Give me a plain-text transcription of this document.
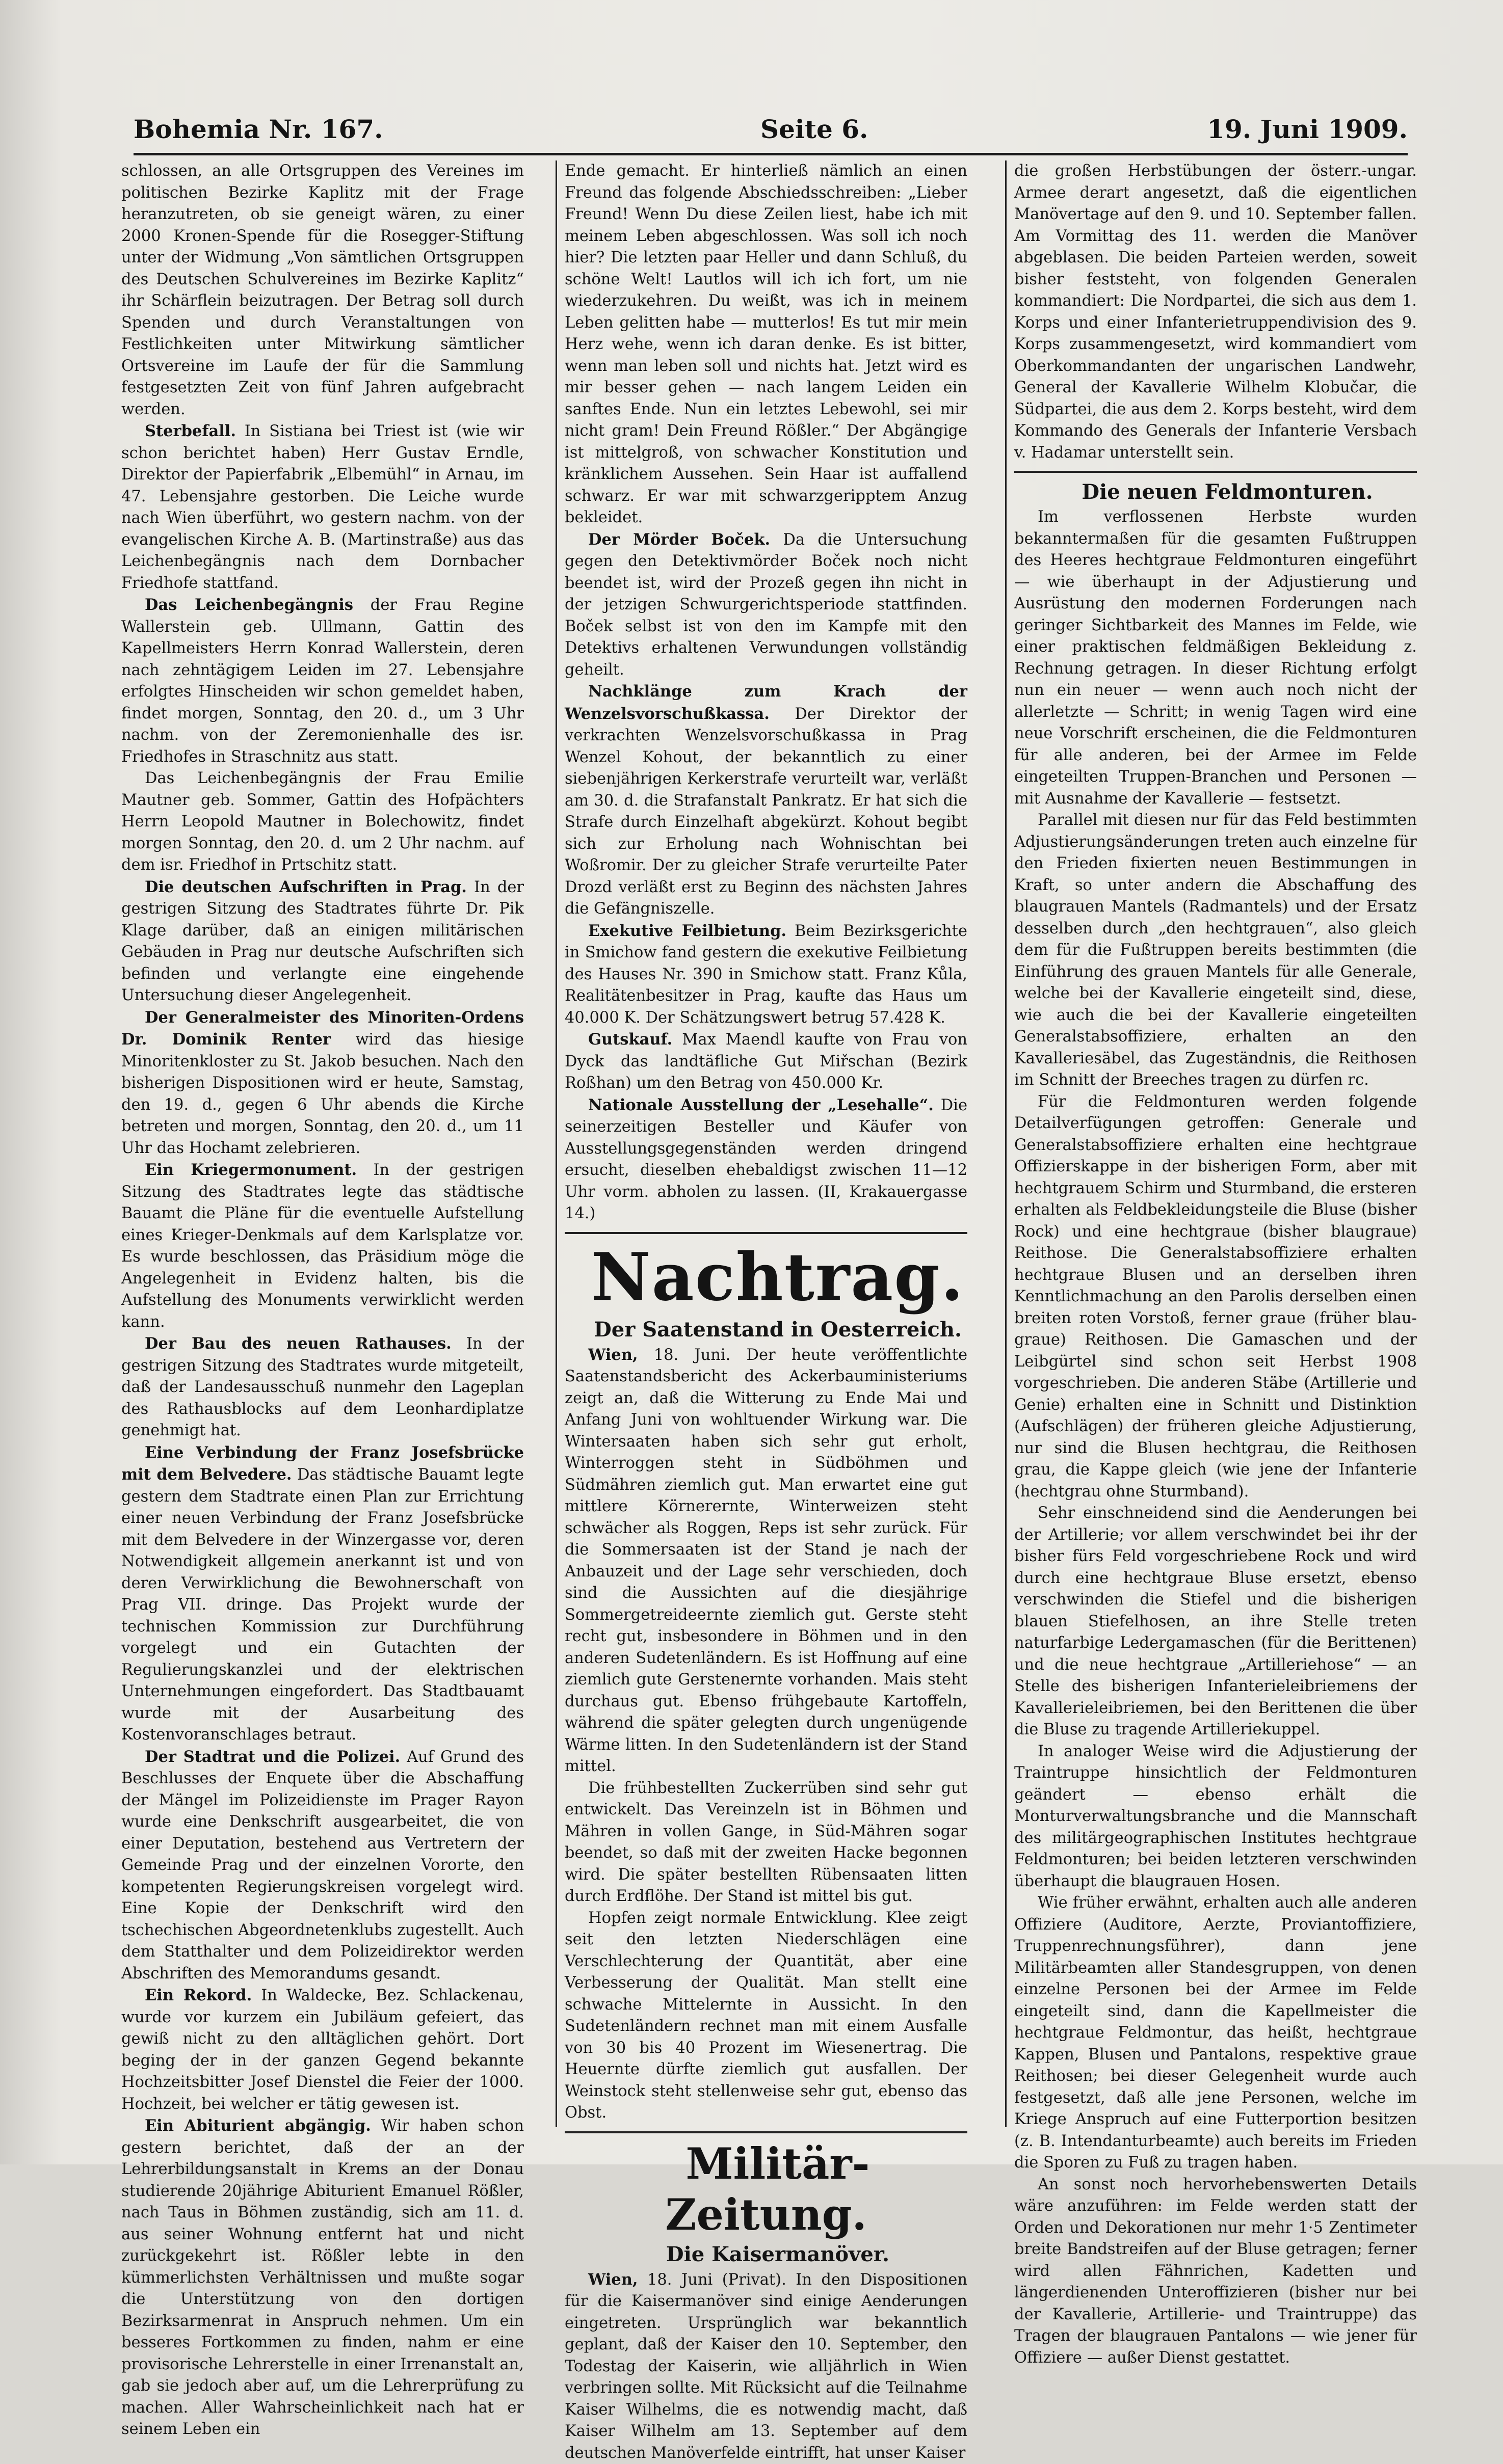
Bohemia Nr. 167.	Seite 6.	19. Juni 1909.

schlossen, an alle Ortsgruppen des Vereines im politischen Bezirke Kaplitz mit der Frage heranzutreten, ob sie geneigt wären, zu einer 2000 Kronen-Spende für die Rosegger-Stiftung unter der Widmung „Von sämtlichen Ortsgruppen des Deutschen Schulvereines im Bezirke Kaplitz“ ihr Schärflein beizutragen. Der Betrag soll durch Spenden und durch Veranstaltungen von Festlichkeiten unter Mitwirkung sämtlicher Ortsvereine im Laufe der für die Sammlung festgesetzten Zeit von fünf Jahren aufgebracht werden.

Sterbefall. In Sistiana bei Triest ist (wie wir schon berichtet haben) Herr Gustav Erndle, Direktor der Papierfabrik „Elbemühl“ in Arnau, im 47. Lebensjahre gestorben. Die Leiche wurde nach Wien überführt, wo gestern nachm. von der evangelischen Kirche A. B. (Martinstraße) aus das Leichenbegängnis nach dem Dornbacher Friedhofe stattfand.

Das Leichenbegängnis der Frau Regine Wallerstein geb. Ullmann, Gattin des Kapellmeisters Herrn Konrad Wallerstein, deren nach zehntägigem Leiden im 27. Lebensjahre erfolgtes Hinscheiden wir schon gemeldet haben, findet morgen, Sonntag, den 20. d., um 3 Uhr nachm. von der Zeremonienhalle des isr. Friedhofes in Straschnitz aus statt.

Das Leichenbegängnis der Frau Emilie Mautner geb. Sommer, Gattin des Hofpächters Herrn Leopold Mautner in Bolechowitz, findet morgen Sonntag, den 20. d. um 2 Uhr nachm. auf dem isr. Friedhof in Prtschitz statt.

Die deutschen Aufschriften in Prag. In der gestrigen Sitzung des Stadtrates führte Dr. Pik Klage darüber, daß an einigen militärischen Gebäuden in Prag nur deutsche Aufschriften sich befinden und verlangte eine eingehende Untersuchung dieser Angelegenheit.

Der Generalmeister des Minoriten-Ordens Dr. Dominik Renter wird das hiesige Minoritenkloster zu St. Jakob besuchen. Nach den bisherigen Dispositionen wird er heute, Samstag, den 19. d., gegen 6 Uhr abends die Kirche betreten und morgen, Sonntag, den 20. d., um 11 Uhr das Hochamt zelebrieren.

Ein Kriegermonument. In der gestrigen Sitzung des Stadtrates legte das städtische Bauamt die Pläne für die eventuelle Aufstellung eines Krieger-Denkmals auf dem Karlsplatze vor. Es wurde beschlossen, das Präsidium möge die Angelegenheit in Evidenz halten, bis die Aufstellung des Monuments verwirklicht werden kann.

Der Bau des neuen Rathauses. In der gestrigen Sitzung des Stadtrates wurde mitgeteilt, daß der Landesausschuß nunmehr den Lageplan des Rathausblocks auf dem Leonhardiplatze genehmigt hat.

Eine Verbindung der Franz Josefsbrücke mit dem Belvedere. Das städtische Bauamt legte gestern dem Stadtrate einen Plan zur Errichtung einer neuen Verbindung der Franz Josefsbrücke mit dem Belvedere in der Winzergasse vor, deren Notwendigkeit allgemein anerkannt ist und von deren Verwirklichung die Bewohnerschaft von Prag VII. dringe. Das Projekt wurde der technischen Kommission zur Durchführung vorgelegt und ein Gutachten der Regulierungskanzlei und der elektrischen Unternehmungen eingefordert. Das Stadtbauamt wurde mit der Ausarbeitung des Kostenvoranschlages betraut.

Der Stadtrat und die Polizei. Auf Grund des Beschlusses der Enquete über die Abschaffung der Mängel im Polizeidienste im Prager Rayon wurde eine Denkschrift ausgearbeitet, die von einer Deputation, bestehend aus Vertretern der Gemeinde Prag und der einzelnen Vororte, den kompetenten Regierungskreisen vorgelegt wird. Eine Kopie der Denkschrift wird den tschechischen Abgeordnetenklubs zugestellt. Auch dem Statthalter und dem Polizeidirektor werden Abschriften des Memorandums gesandt.

Ein Rekord. In Waldecke, Bez. Schlackenau, wurde vor kurzem ein Jubiläum gefeiert, das gewiß nicht zu den alltäglichen gehört. Dort beging der in der ganzen Gegend bekannte Hochzeitsbitter Josef Dienstel die Feier der 1000. Hochzeit, bei welcher er tätig gewesen ist.

Ein Abiturient abgängig. Wir haben schon gestern berichtet, daß der an der Lehrerbildungsanstalt in Krems an der Donau studierende 20jährige Abiturient Emanuel Rößler, nach Taus in Böhmen zuständig, sich am 11. d. aus seiner Wohnung entfernt hat und nicht zurückgekehrt ist. Rößler lebte in den kümmerlichsten Verhältnissen und mußte sogar die Unterstützung von den dortigen Bezirksarmenrat in Anspruch nehmen. Um ein besseres Fortkommen zu finden, nahm er eine provisorische Lehrerstelle in einer Irrenanstalt an, gab sie jedoch aber auf, um die Lehrerprüfung zu machen. Aller Wahrscheinlichkeit nach hat er seinem Leben ein

Ende gemacht. Er hinterließ nämlich an einen Freund das folgende Abschiedsschreiben: „Lieber Freund! Wenn Du diese Zeilen liest, habe ich mit meinem Leben abgeschlossen. Was soll ich noch hier? Die letzten paar Heller und dann Schluß, du schöne Welt! Lautlos will ich ich fort, um nie wiederzukehren. Du weißt, was ich in meinem Leben gelitten habe — mutterlos! Es tut mir mein Herz wehe, wenn ich daran denke. Es ist bitter, wenn man leben soll und nichts hat. Jetzt wird es mir besser gehen — nach langem Leiden ein sanftes Ende. Nun ein letztes Lebewohl, sei mir nicht gram! Dein Freund Rößler.“ Der Abgängige ist mittelgroß, von schwacher Konstitution und kränklichem Aussehen. Sein Haar ist auffallend schwarz. Er war mit schwarzgeripptem Anzug bekleidet.

Der Mörder Boček. Da die Untersuchung gegen den Detektivmörder Boček noch nicht beendet ist, wird der Prozeß gegen ihn nicht in der jetzigen Schwurgerichtsperiode stattfinden. Boček selbst ist von den im Kampfe mit den Detektivs erhaltenen Verwundungen vollständig geheilt.

Nachklänge zum Krach der Wenzelsvorschußkassa. Der Direktor der verkrachten Wenzelsvorschußkassa in Prag Wenzel Kohout, der bekanntlich zu einer siebenjährigen Kerkerstrafe verurteilt war, verläßt am 30. d. die Strafanstalt Pankratz. Er hat sich die Strafe durch Einzelhaft abgekürzt. Kohout begibt sich zur Erholung nach Wohnischtan bei Woßromir. Der zu gleicher Strafe verurteilte Pater Drozd verläßt erst zu Beginn des nächsten Jahres die Gefängniszelle.

Exekutive Feilbietung. Beim Bezirksgerichte in Smichow fand gestern die exekutive Feilbietung des Hauses Nr. 390 in Smichow statt. Franz Kůla, Realitätenbesitzer in Prag, kaufte das Haus um 40.000 K. Der Schätzungswert betrug 57.428 K.

Gutskauf. Max Maendl kaufte von Frau von Dyck das landtäfliche Gut Miřschan (Bezirk Roßhan) um den Betrag von 450.000 Kr.

Nationale Ausstellung der „Lesehalle“. Die seinerzeitigen Besteller und Käufer von Ausstellungsgegenständen werden dringend ersucht, dieselben ehebaldigst zwischen 11—12 Uhr vorm. abholen zu lassen. (II, Krakauergasse 14.)

Nachtrag.

Der Saatenstand in Oesterreich.

Wien, 18. Juni. Der heute veröffentlichte Saatenstandsbericht des Ackerbauministeriums zeigt an, daß die Witterung zu Ende Mai und Anfang Juni von wohltuender Wirkung war. Die Wintersaaten haben sich sehr gut erholt, Winterroggen steht in Südböhmen und Südmähren ziemlich gut. Man erwartet eine gut mittlere Körnerernte, Winterweizen steht schwächer als Roggen, Reps ist sehr zurück. Für die Sommersaaten ist der Stand je nach der Anbauzeit und der Lage sehr verschieden, doch sind die Aussichten auf die diesjährige Sommergetreideernte ziemlich gut. Gerste steht recht gut, insbesondere in Böhmen und in den anderen Sudetenländern. Es ist Hoffnung auf eine ziemlich gute Gerstenernte vorhanden. Mais steht durchaus gut. Ebenso frühgebaute Kartoffeln, während die später gelegten durch ungenügende Wärme litten. In den Sudetenländern ist der Stand mittel.

Die frühbestellten Zuckerrüben sind sehr gut entwickelt. Das Vereinzeln ist in Böhmen und Mähren in vollen Gange, in Süd-Mähren sogar beendet, so daß mit der zweiten Hacke begonnen wird. Die später bestellten Rübensaaten litten durch Erdflöhe. Der Stand ist mittel bis gut.

Hopfen zeigt normale Entwicklung. Klee zeigt seit den letzten Niederschlägen eine Verschlechterung der Quantität, aber eine Verbesserung der Qualität. Man stellt eine schwache Mittelernte in Aussicht. In den Sudetenländern rechnet man mit einem Ausfalle von 30 bis 40 Prozent im Wiesenertrag. Die Heuernte dürfte ziemlich gut ausfallen. Der Weinstock steht stellenweise sehr gut, ebenso das Obst.

Militär-Zeitung.

Die Kaisermanöver.

Wien, 18. Juni (Privat). In den Dispositionen für die Kaisermanöver sind einige Aenderungen eingetreten. Ursprünglich war bekanntlich geplant, daß der Kaiser den 10. September, den Todestag der Kaiserin, wie alljährlich in Wien verbringen sollte. Mit Rücksicht auf die Teilnahme Kaiser Wilhelms, die es notwendig macht, daß Kaiser Wilhelm am 13. September auf dem deutschen Manöverfelde eintrifft, hat unser Kaiser

die großen Herbstübungen der österr.-ungar. Armee derart angesetzt, daß die eigentlichen Manövertage auf den 9. und 10. September fallen. Am Vormittag des 11. werden die Manöver abgeblasen. Die beiden Parteien werden, soweit bisher feststeht, von folgenden Generalen kommandiert: Die Nordpartei, die sich aus dem 1. Korps und einer Infanterietruppendivision des 9. Korps zusammengesetzt, wird kommandiert vom Oberkommandanten der ungarischen Landwehr, General der Kavallerie Wilhelm Klobučar, die Südpartei, die aus dem 2. Korps besteht, wird dem Kommando des Generals der Infanterie Versbach v. Hadamar unterstellt sein.

Die neuen Feldmonturen.

Im verflossenen Herbste wurden bekanntermaßen für die gesamten Fußtruppen des Heeres hechtgraue Feldmonturen eingeführt — wie überhaupt in der Adjustierung und Ausrüstung den modernen Forderungen nach geringer Sichtbarkeit des Mannes im Felde, wie einer praktischen feldmäßigen Bekleidung z. Rechnung getragen. In dieser Richtung erfolgt nun ein neuer — wenn auch noch nicht der allerletzte — Schritt; in wenig Tagen wird eine neue Vorschrift erscheinen, die die Feldmonturen für alle anderen, bei der Armee im Felde eingeteilten Truppen-Branchen und Personen — mit Ausnahme der Kavallerie — festsetzt.

Parallel mit diesen nur für das Feld bestimmten Adjustierungsänderungen treten auch einzelne für den Frieden fixierten neuen Bestimmungen in Kraft, so unter andern die Abschaffung des blaugrauen Mantels (Radmantels) und der Ersatz desselben durch „den hechtgrauen“, also gleich dem für die Fußtruppen bereits bestimmten (die Einführung des grauen Mantels für alle Generale, welche bei der Kavallerie eingeteilt sind, diese, wie auch die bei der Kavallerie eingeteilten Generalstabsoffiziere, erhalten an den Kavalleriesäbel, das Zugeständnis, die Reithosen im Schnitt der Breeches tragen zu dürfen rc.

Für die Feldmonturen werden folgende Detailverfügungen getroffen: Generale und Generalstabsoffiziere erhalten eine hechtgraue Offizierskappe in der bisherigen Form, aber mit hechtgrauem Schirm und Sturmband, die ersteren erhalten als Feldbekleidungsteile die Bluse (bisher Rock) und eine hechtgraue (bisher blaugraue) Reithose. Die Generalstabsoffiziere erhalten hechtgraue Blusen und an derselben ihren Kenntlichmachung an den Parolis derselben einen breiten roten Vorstoß, ferner graue (früher blau-graue) Reithosen. Die Gamaschen und der Leibgürtel sind schon seit Herbst 1908 vorgeschrieben. Die anderen Stäbe (Artillerie und Genie) erhalten eine in Schnitt und Distinktion (Aufschlägen) der früheren gleiche Adjustierung, nur sind die Blusen hechtgrau, die Reithosen grau, die Kappe gleich (wie jene der Infanterie (hechtgrau ohne Sturmband).

Sehr einschneidend sind die Aenderungen bei der Artillerie; vor allem verschwindet bei ihr der bisher fürs Feld vorgeschriebene Rock und wird durch eine hechtgraue Bluse ersetzt, ebenso verschwinden die Stiefel und die bisherigen blauen Stiefelhosen, an ihre Stelle treten naturfarbige Ledergamaschen (für die Berittenen) und die neue hechtgraue „Artilleriehose“ — an Stelle des bisherigen Infanterieleibriemens der Kavallerieleibriemen, bei den Berittenen die über die Bluse zu tragende Artilleriekuppel.

In analoger Weise wird die Adjustierung der Traintruppe hinsichtlich der Feldmonturen geändert — ebenso erhält die Monturverwaltungsbranche und die Mannschaft des militärgeographischen Institutes hechtgraue Feldmonturen; bei beiden letzteren verschwinden überhaupt die blaugrauen Hosen.

Wie früher erwähnt, erhalten auch alle anderen Offiziere (Auditore, Aerzte, Proviantoffiziere, Truppenrechnungsführer), dann jene Militärbeamten aller Standesgruppen, von denen einzelne Personen bei der Armee im Felde eingeteilt sind, dann die Kapellmeister die hechtgraue Feldmontur, das heißt, hechtgraue Kappen, Blusen und Pantalons, respektive graue Reithosen; bei dieser Gelegenheit wurde auch festgesetzt, daß alle jene Personen, welche im Kriege Anspruch auf eine Futterportion besitzen (z. B. Intendanturbeamte) auch bereits im Frieden die Sporen zu Fuß zu tragen haben.

An sonst noch hervorhebenswerten Details wäre anzuführen: im Felde werden statt der Orden und Dekorationen nur mehr 1·5 Zentimeter breite Bandstreifen auf der Bluse getragen; ferner wird allen Fähnrichen, Kadetten und längerdienenden Unteroffizieren (bisher nur bei der Kavallerie, Artillerie- und Traintruppe) das Tragen der blaugrauen Pantalons — wie jener für Offiziere — außer Dienst gestattet.
